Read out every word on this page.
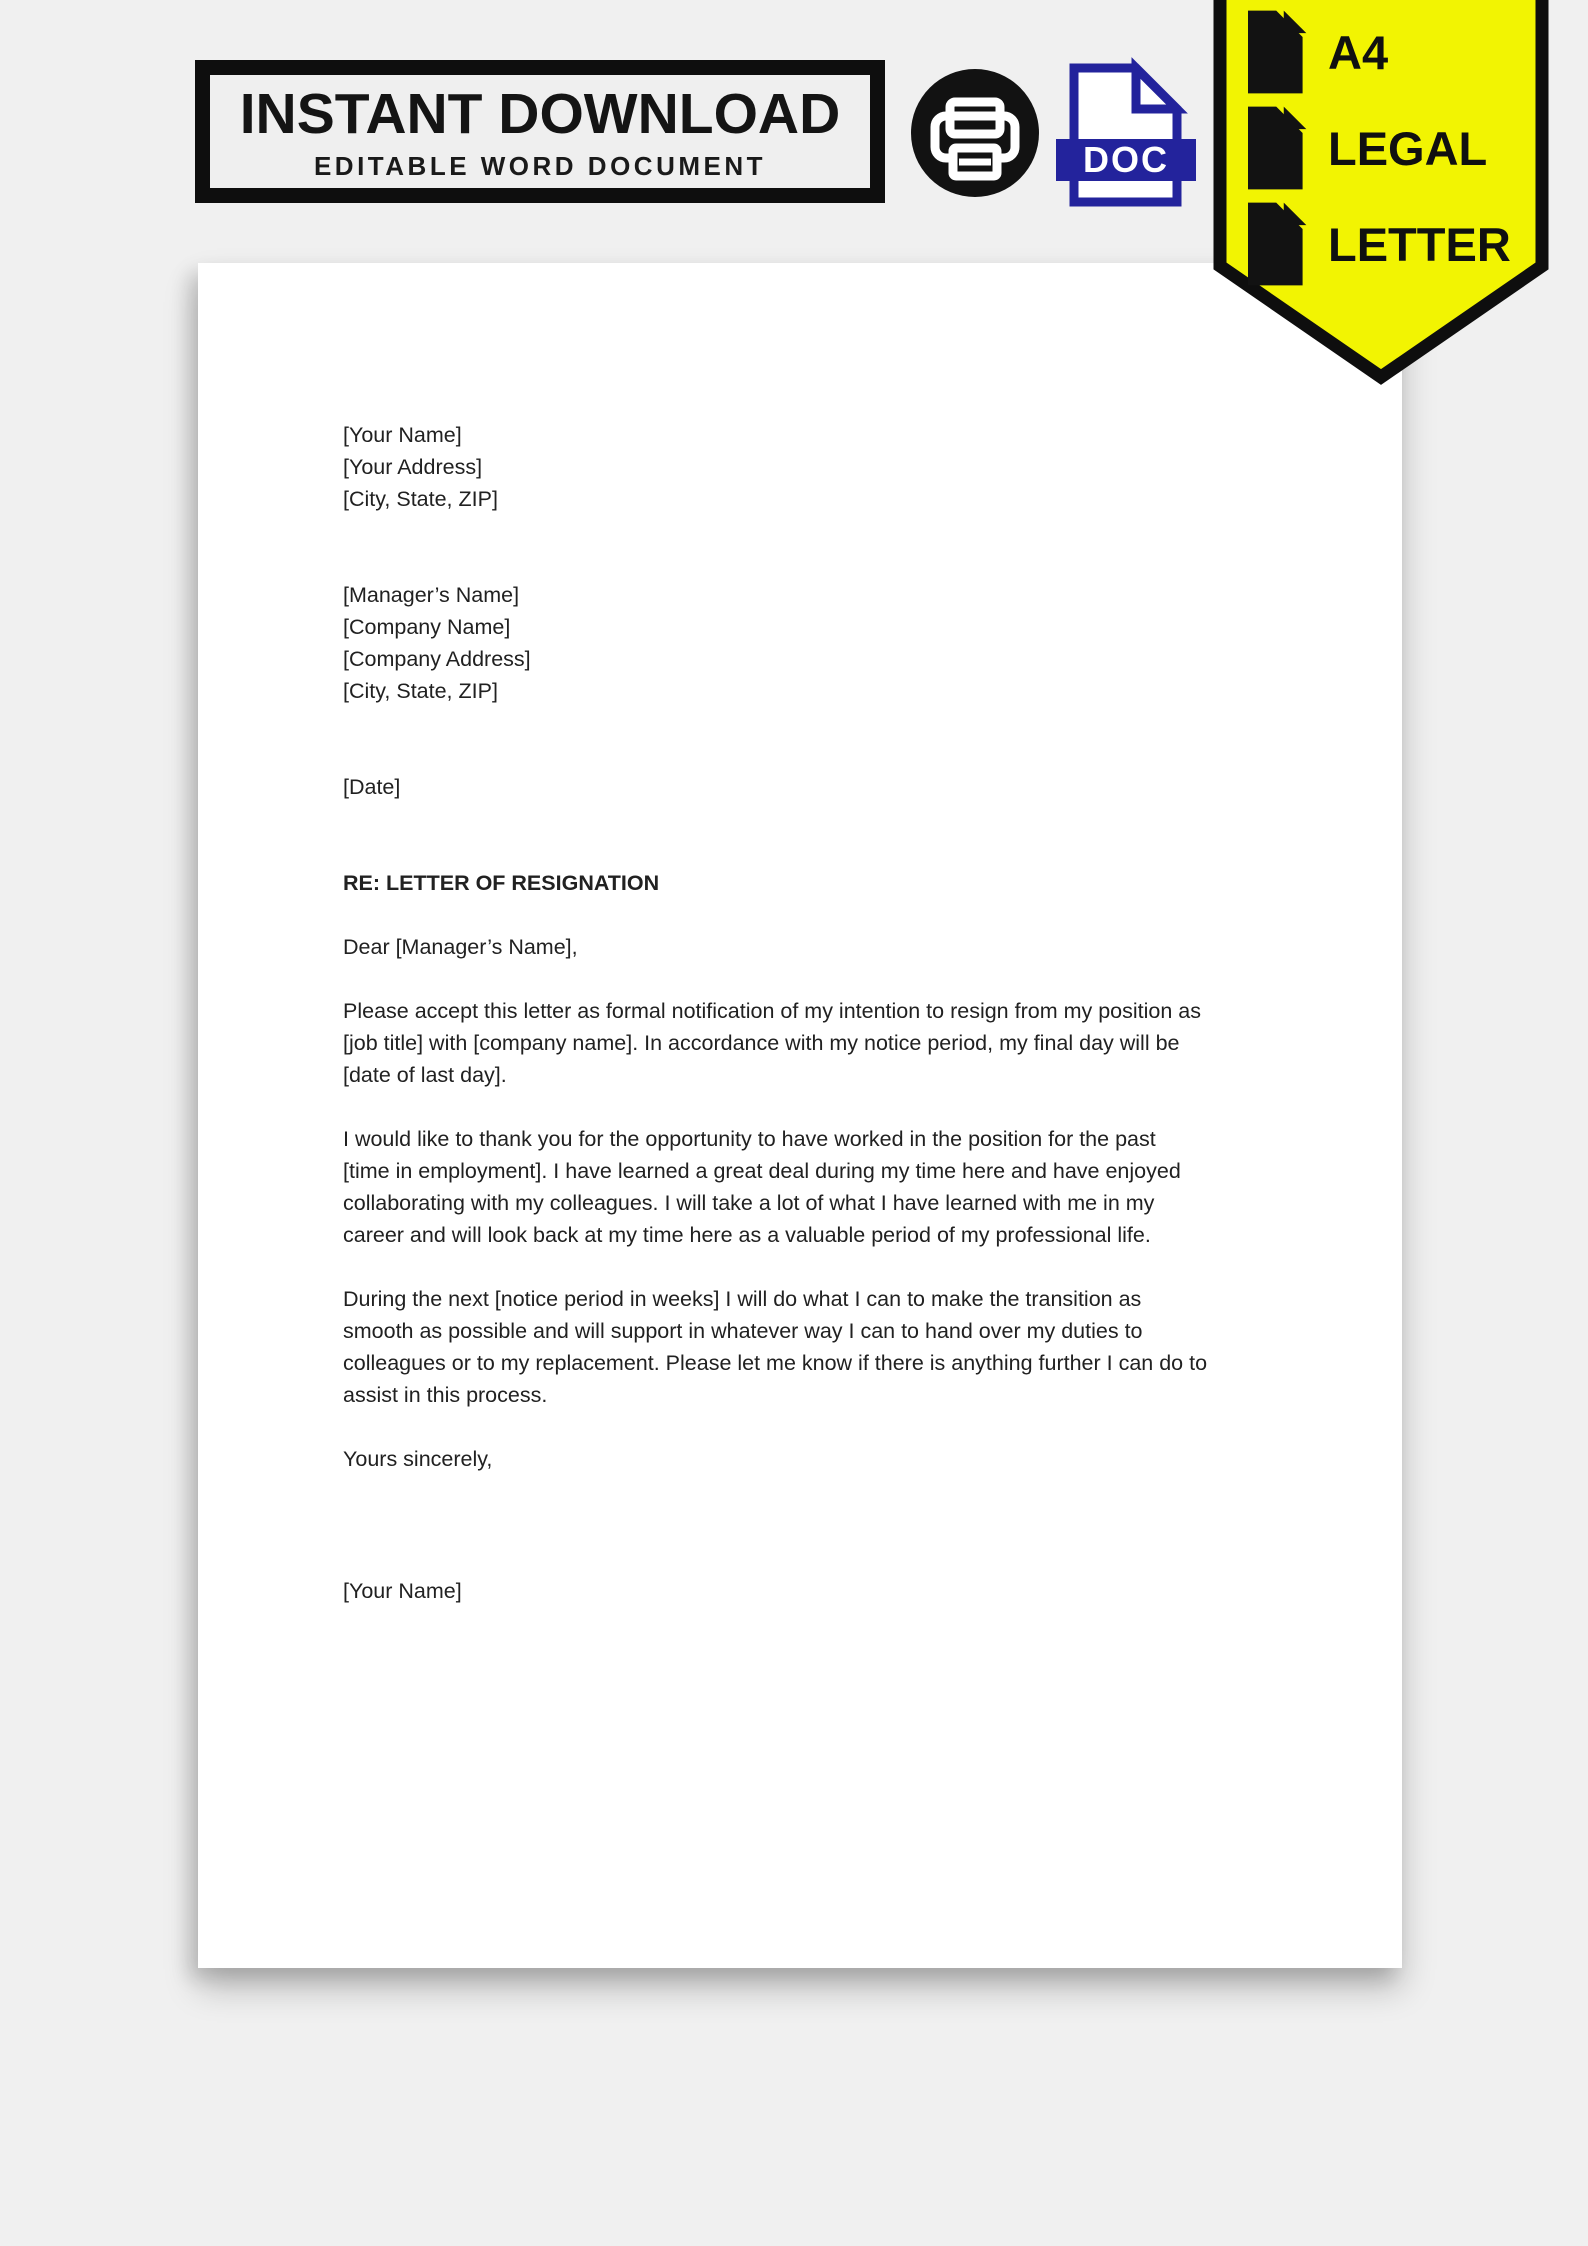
INSTANT DOWNLOAD
EDITABLE WORD DOCUMENT	DOC
A4
LEGAL
LETTER
[Your Name]
[Your Address]
[City, State, ZIP]
[Manager’s Name]
[Company Name]
[Company Address]
[City, State, ZIP]
[Date]
RE: LETTER OF RESIGNATION
Dear [Manager’s Name],
Please accept this letter as formal notification of my intention to resign from my position as
[job title] with [company name]. In accordance with my notice period, my final day will be
[date of last day].
I would like to thank you for the opportunity to have worked in the position for the past
[time in employment]. I have learned a great deal during my time here and have enjoyed
collaborating with my colleagues. I will take a lot of what I have learned with me in my
career and will look back at my time here as a valuable period of my professional life.
During the next [notice period in weeks] I will do what I can to make the transition as
smooth as possible and will support in whatever way I can to hand over my duties to
colleagues or to my replacement. Please let me know if there is anything further I can do to
assist in this process.
Yours sincerely,
[Your Name]
